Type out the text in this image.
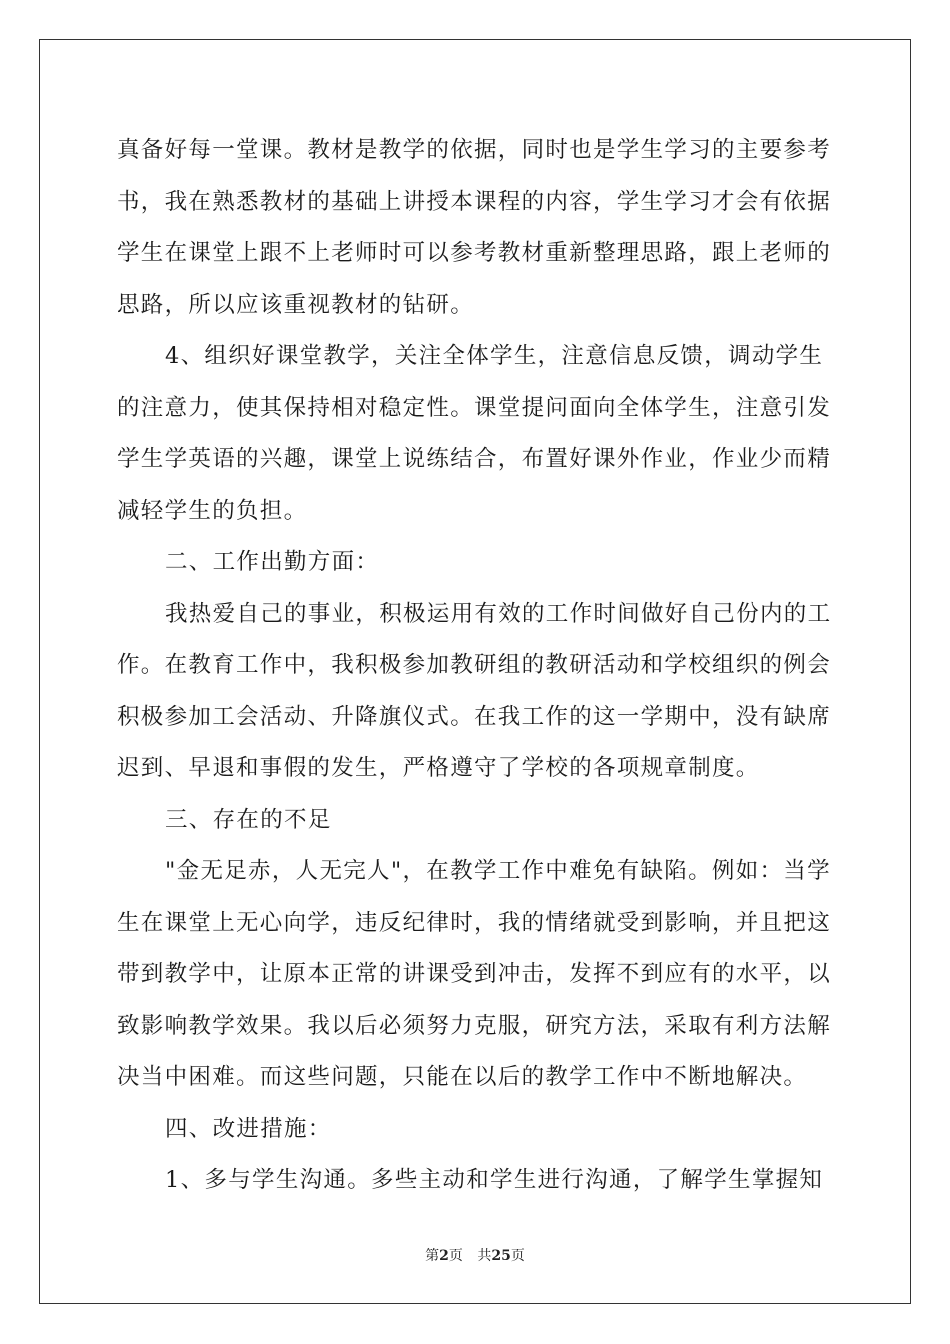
真备好每一堂课。教材是教学的依据，同时也是学生学习的主要参考
书，我在熟悉教材的基础上讲授本课程的内容，学生学习才会有依据
学生在课堂上跟不上老师时可以参考教材重新整理思路，跟上老师的
思路，所以应该重视教材的钻研。
4、组织好课堂教学，关注全体学生，注意信息反馈，调动学生
的注意力，使其保持相对稳定性。课堂提问面向全体学生，注意引发
学生学英语的兴趣，课堂上说练结合，布置好课外作业，作业少而精
减轻学生的负担。
二、工作出勤方面：
我热爱自己的事业，积极运用有效的工作时间做好自己份内的工
作。在教育工作中，我积极参加教研组的教研活动和学校组织的例会
积极参加工会活动、升降旗仪式。在我工作的这一学期中，没有缺席
迟到、早退和事假的发生，严格遵守了学校的各项规章制度。
三、存在的不足
"金无足赤，人无完人"，在教学工作中难免有缺陷。例如：当学
生在课堂上无心向学，违反纪律时，我的情绪就受到影响，并且把这
带到教学中，让原本正常的讲课受到冲击，发挥不到应有的水平，以
致影响教学效果。我以后必须努力克服，研究方法，采取有利方法解
决当中困难。而这些问题，只能在以后的教学工作中不断地解决。
四、改进措施：
1、多与学生沟通。多些主动和学生进行沟通，了解学生掌握知
第2页 共25页
